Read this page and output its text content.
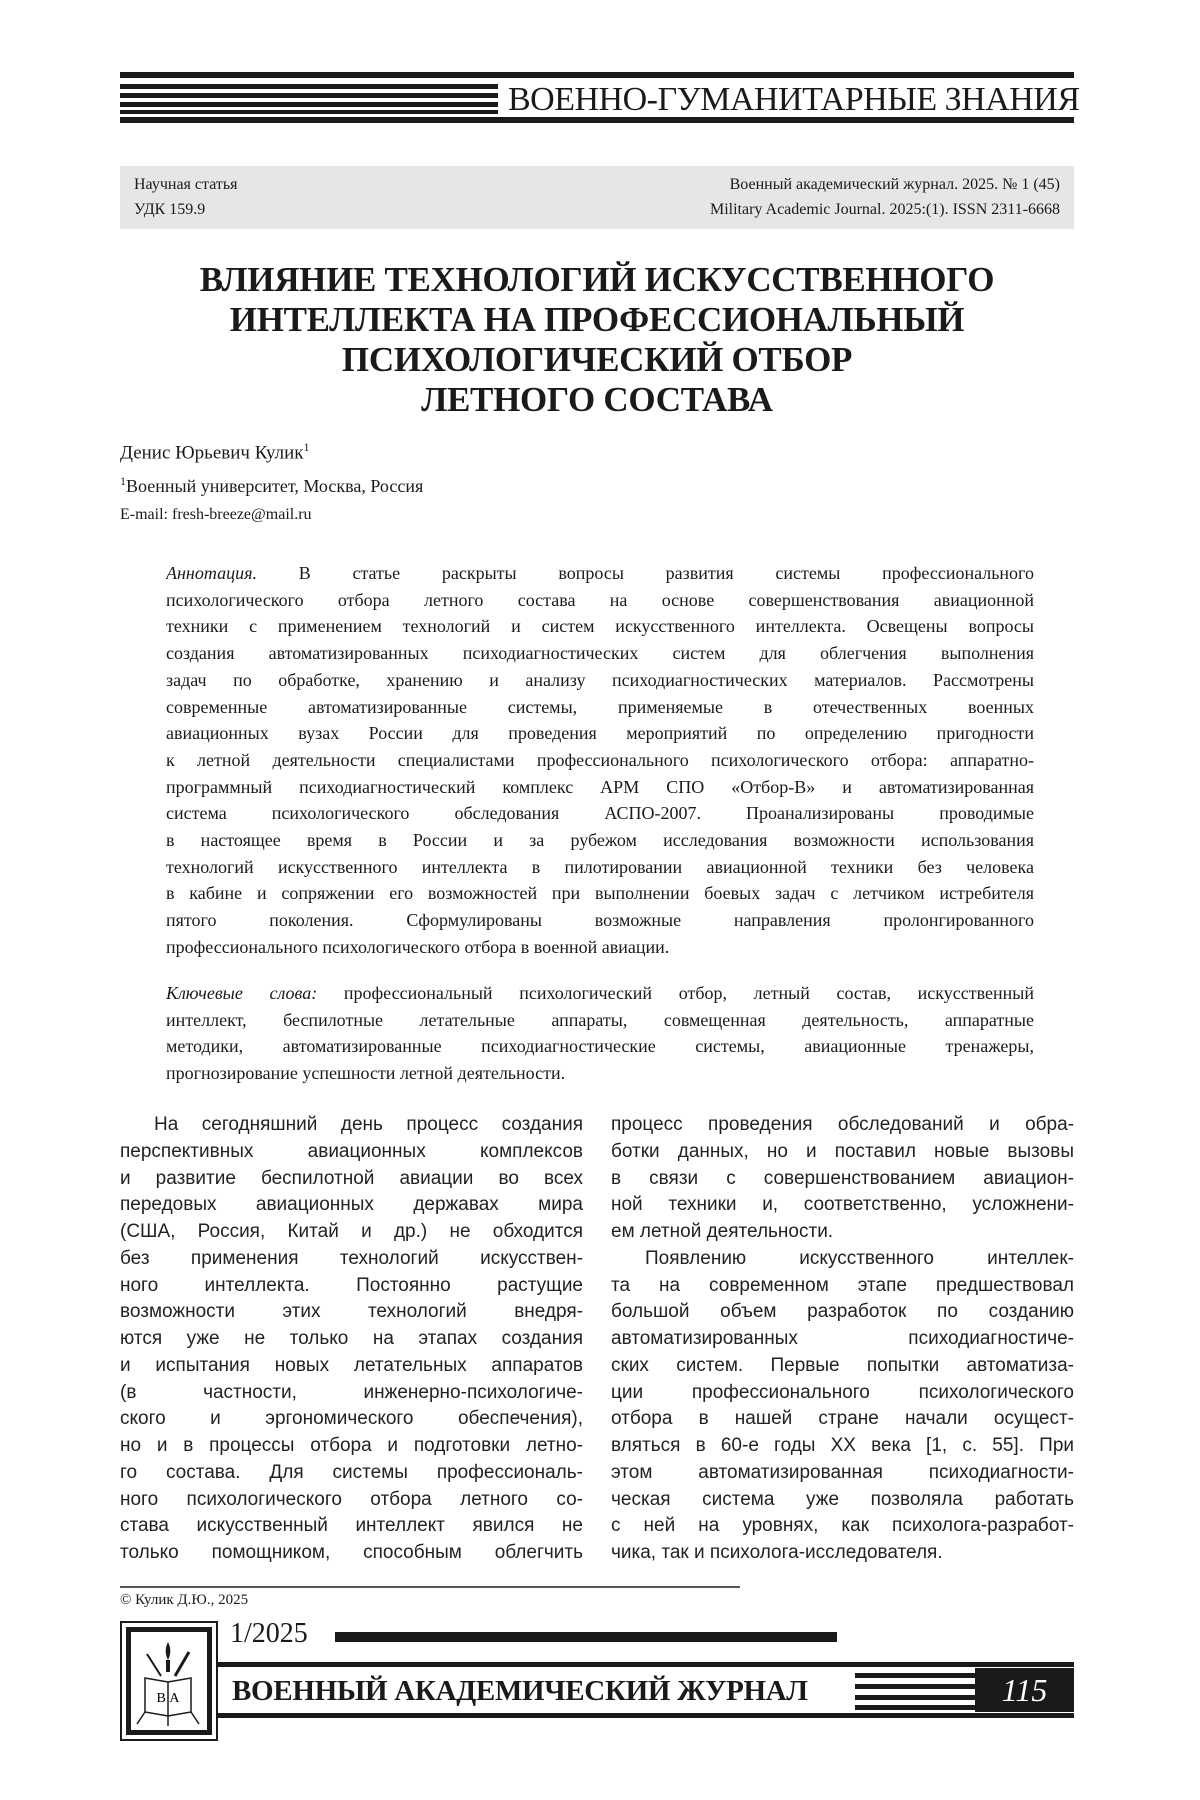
ВОЕННО-ГУМАНИТАРНЫЕ ЗНАНИЯ
Научная статья
УДК 159.9
Военный академический журнал. 2025. № 1 (45)
Military Academic Journal. 2025:(1). ISSN 2311-6668
ВЛИЯНИЕ ТЕХНОЛОГИЙ ИСКУССТВЕННОГО
ИНТЕЛЛЕКТА НА ПРОФЕССИОНАЛЬНЫЙ
ПСИХОЛОГИЧЕСКИЙ ОТБОР
ЛЕТНОГО СОСТАВА
Денис Юрьевич Кулик$^1$
$^1$Военный университет, Москва, Россия
E-mail: fresh-breeze@mail.ru
Аннотация. В статье раскрыты вопросы развития системы профессионального
психологического отбора летного состава на основе совершенствования авиационной
техники с применением технологий и систем искусственного интеллекта. Освещены вопросы
создания автоматизированных психодиагностических систем для облегчения выполнения
задач по обработке, хранению и анализу психодиагностических материалов. Рассмотрены
современные автоматизированные системы, применяемые в отечественных военных
авиационных вузах России для проведения мероприятий по определению пригодности
к летной деятельности специалистами профессионального психологического отбора: аппаратно-
программный психодиагностический комплекс АРМ СПО «Отбор-В» и автоматизированная
система психологического обследования АСПО-2007. Проанализированы проводимые
в настоящее время в России и за рубежом исследования возможности использования
технологий искусственного интеллекта в пилотировании авиационной техники без человека
в кабине и сопряжении его возможностей при выполнении боевых задач с летчиком истребителя
пятого поколения. Сформулированы возможные направления пролонгированного
профессионального психологического отбора в военной авиации.
Ключевые слова: профессиональный психологический отбор, летный состав, искусственный
интеллект, беспилотные летательные аппараты, совмещенная деятельность, аппаратные
методики, автоматизированные психодиагностические системы, авиационные тренажеры,
прогнозирование успешности летной деятельности.
На сегодняшний день процесс создания
перспективных авиационных комплексов
и развитие беспилотной авиации во всех
передовых авиационных державах мира
(США, Россия, Китай и др.) не обходится
без применения технологий искусствен-
ного интеллекта. Постоянно растущие
возможности этих технологий внедря-
ются уже не только на этапах создания
и испытания новых летательных аппаратов
(в частности, инженерно-психологиче-
ского и эргономического обеспечения),
но и в процессы отбора и подготовки летно-
го состава. Для системы профессиональ-
ного психологического отбора летного со-
става искусственный интеллект явился не
только помощником, способным облегчить
процесс проведения обследований и обра-
ботки данных, но и поставил новые вызовы
в связи с совершенствованием авиацион-
ной техники и, соответственно, усложнени-
ем летной деятельности.
Появлению искусственного интеллек-
та на современном этапе предшествовал
большой объем разработок по созданию
автоматизированных психодиагностиче-
ских систем. Первые попытки автоматиза-
ции профессионального психологического
отбора в нашей стране начали осущест-
вляться в 60-е годы XX века [1, с. 55]. При
этом автоматизированная психодиагности-
ческая система уже позволяла работать
с ней на уровнях, как психолога-разработ-
чика, так и психолога-исследователя.
© Кулик Д.Ю., 2025
В А
1/2025
ВОЕННЫЙ АКАДЕМИЧЕСКИЙ ЖУРНАЛ	115
